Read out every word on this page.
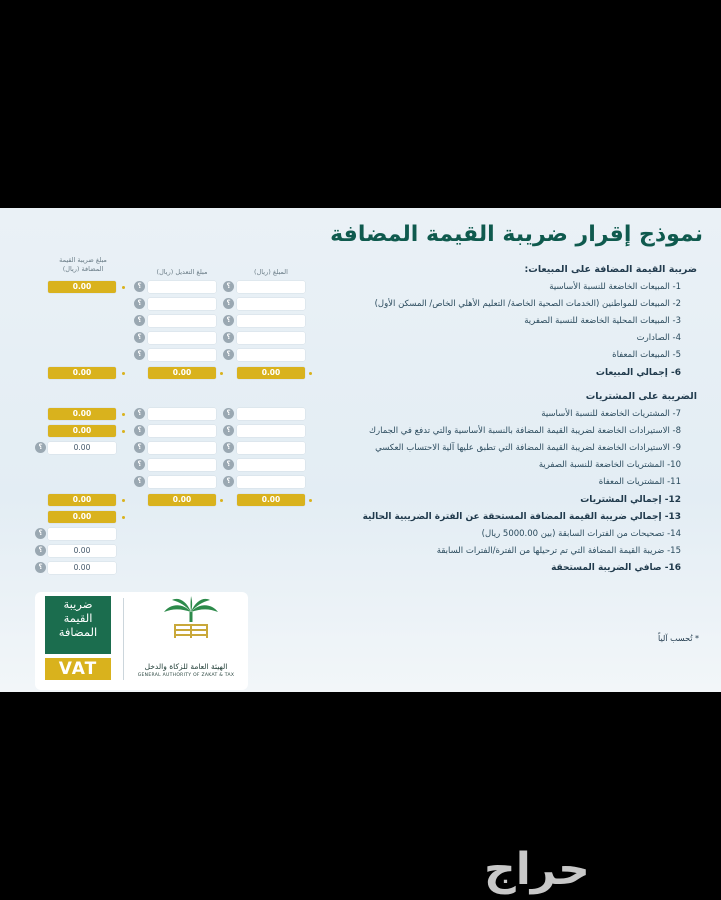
نموذج إقرار ضريبة القيمة المضافة
المبلغ (ريال)
مبلغ التعديل (ريال)
مبلغ ضريبة القيمة المضافة (ريال)	ضريبة القيمة المضافة على المبيعات:
1- المبيعات الخاضعة للنسبة الأساسية
؟
؟
0.00
2- المبيعات للمواطنين (الخدمات الصحية الخاصة/ التعليم الأهلي الخاص/ المسكن الأول)
؟
؟
3- المبيعات المحلية الخاضعة للنسبة الصفرية
؟
؟
4- الصادارت
؟
؟
5- المبيعات المعفاة
؟
؟
6- إجمالي المبيعات
0.00
0.00
0.00
الضريبة على المشتريات
7- المشتريات الخاضعة للنسبة الأساسية
؟
؟
0.00
8- الاستيرادات الخاضعة لضريبة القيمة المضافة بالنسبة الأساسية والتي تدفع في الجمارك
؟
؟
0.00
9- الاستيرادات الخاضعة لضريبة القيمة المضافة التي تطبق عليها آلية الاحتساب العكسي
؟
؟
0.00
؟
10- المشتريات الخاضعة للنسبة الصفرية
؟
؟
11- المشتريات المعفاة
؟
؟
12- إجمالي المشتريات
0.00
0.00
0.00
13- إجمالي ضريبة القيمة المضافة المستحقة عن الفترة الضريبية الحالية
0.00
14- تصحيحات من الفترات السابقة (بين 5000.00 ريال)
؟
15- ضريبة القيمة المضافة التي تم ترحيلها من الفترة/الفترات السابقة
0.00
؟
16- صافي الضريبة المستحقة
0.00
؟
* تُحسب آلياً
ضريبة
القيمة
المضافة
VAT	الهيئة العامة للزكاة والدخل
GENERAL AUTHORITY OF ZAKAT & TAX
حراج
